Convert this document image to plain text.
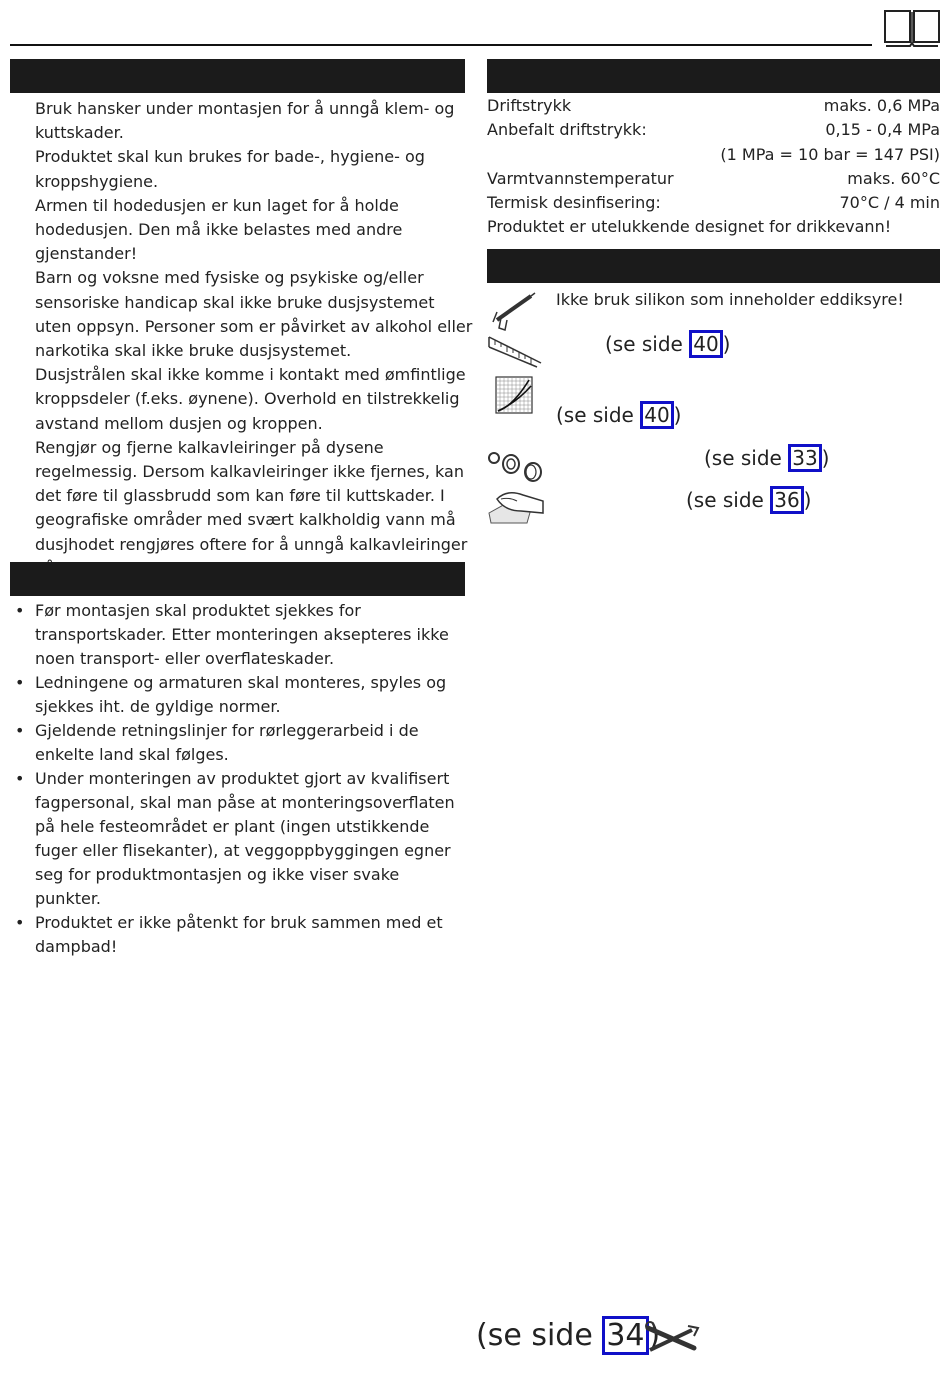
Bruk hansker under montasjen for å unngå klem- og kuttskader.

Produktet skal kun brukes for bade-, hygiene- og kroppshygiene.

Armen til hodedusjen er kun laget for å holde hodedusjen. Den må ikke belastes med andre gjenstander!

Barn og voksne med fysiske og psykiske og/eller sensoriske handicap skal ikke bruke dusjsystemet uten oppsyn. Personer som er påvirket av alkohol eller narkotika skal ikke bruke dusjsystemet.

Dusjstrålen skal ikke komme i kontakt med ømfintlige kroppsdeler (f.eks. øynene). Overhold en tilstrekkelig avstand mellom dusjen og kroppen.

Rengjør og fjerne kalkavleiringer på dysene regelmessig. Dersom kalkavleiringer ikke fjernes, kan det føre til glassbrudd som kan føre til kuttskader. I geografiske områder med svært kalkholdig vann må dusjhodet rengjøres oftere for å unngå kalkavleiringer

• Før montasjen skal produktet sjekkes for transportskader. Etter monteringen aksepteres ikke noen transport- eller overflateskader.
• Ledningene og armaturen skal monteres, spyles og sjekkes iht. de gyldige normer.
• Gjeldende retningslinjer for rørleggerarbeid i de enkelte land skal følges.
• Under monteringen av produktet gjort av kvalifisert fagpersonal, skal man påse at monteringsoverflaten på hele festeområdet er plant (ingen utstikkende fuger eller flisekanter), at veggoppbyggingen egner seg for produktmontasjen og ikke viser svake punkter.
• Produktet er ikke påtenkt for bruk sammen med et dampbad!
Driftstrykk	maks. 0,6 MPa
Anbefalt driftstrykk:	0,15 - 0,4 MPa
(1 MPa = 10 bar = 147 PSI)
Varmtvannstemperatur	maks. 60°C
Termisk desinfisering:	70°C / 4 min
Produktet er utelukkende designet for drikkevann!
Ikke bruk silikon som inneholder eddiksyre!
(se side 40 )
(se side 40 )
(se side 33 )
(se side 36 )
(se side 34 )
